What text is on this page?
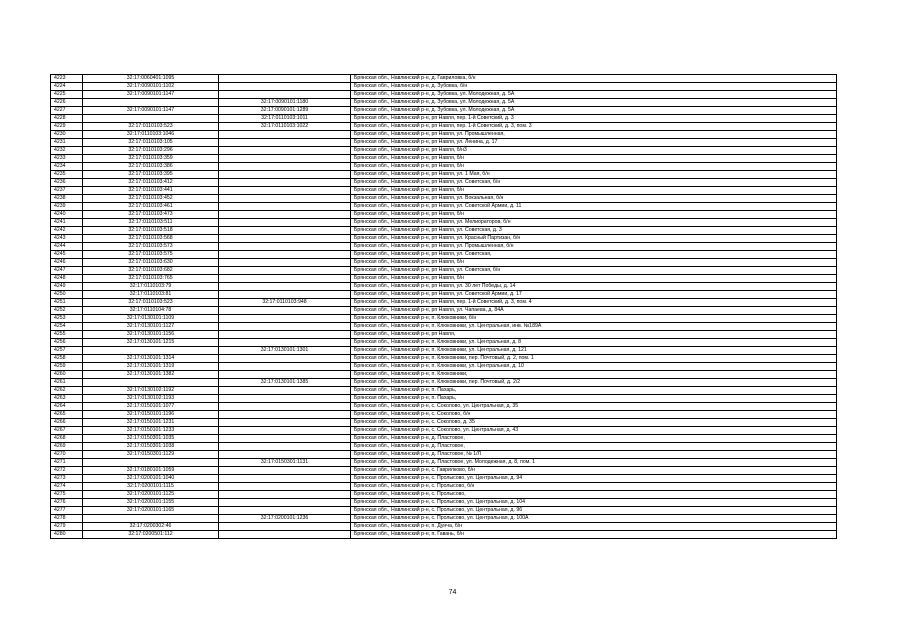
4223	32:17:0060401:1095		Брянская обл., Навлинский р-н, д. Гавриловка, б/н
4224	32:17:0090101:1102		Брянская обл., Навлинский р-н, д. Зубовка, б/н
4225	32:17:0090101:1147		Брянская обл., Навлинский р-н, д. Зубовка, ул. Молодежная, д. 5А
4226		32:17:0090101:1180	Брянская обл., Навлинский р-н, д. Зубовка, ул. Молодежная, д. 5А
4227	32:17:0090101:1147	32:17:0090101:1289	Брянская обл., Навлинский р-н, д. Зубовка, ул. Молодежная, д. 5А
4228		32:17:0110103:1011	Брянская обл., Навлинский р-н, рп Навля, пер. 1-й Советский, д. 3
4229	32:17:0110103:523	32:17:0110103:1022	Брянская обл., Навлинский р-н, рп Навля, пер. 1-й Советский, д. 3, пом. 3
4230	32:17:0110103:1046		Брянская обл., Навлинский р-н, рп Навля, ул. Промышленная,
4231	32:17:0110103:105		Брянская обл., Навлинский р-н, рп Навля, ул. Ленина, д. 17
4232	32:17:0110103:296		Брянская обл., Навлинский р-н, рп Навля, б/н3
4233	32:17:0110103:359		Брянская обл., Навлинский р-н, рп Навля, б/н
4234	32:17:0110103:386		Брянская обл., Навлинский р-н, рп Навля, б/н
4235	32:17:0110103:395		Брянская обл., Навлинский р-н, рп Навля, ул. 1 Мая, б/н
4236	32:17:0110103:412		Брянская обл., Навлинский р-н, рп Навля, ул. Советская, б/н
4237	32:17:0110103:441		Брянская обл., Навлинский р-н, рп Навля, б/н
4238	32:17:0110103:452		Брянская обл., Навлинский р-н, рп Навля, ул. Вокзальная, б/н
4239	32:17:0110103:461		Брянская обл., Навлинский р-н, рп Навля, ул. Советской Армии, д. 11
4240	32:17:0110103:473		Брянская обл., Навлинский р-н, рп Навля, б/н
4241	32:17:0110103:511		Брянская обл., Навлинский р-н, рп Навля, ул. Мелиораторов, б/н
4242	32:17:0110103:518		Брянская обл., Навлинский р-н, рп Навля, ул. Советская, д. 3
4243	32:17:0110103:568		Брянская обл., Навлинский р-н, рп Навля, ул. Красный Партизан, б/н
4244	32:17:0110103:573		Брянская обл., Навлинский р-н, рп Навля, ул. Промышленная, б/н
4245	32:17:0110103:575		Брянская обл., Навлинский р-н, рп Навля, ул. Советская,
4246	32:17:0110103:630		Брянская обл., Навлинский р-н, рп Навля, б/н
4247	32:17:0110103:682		Брянская обл., Навлинский р-н, рп Навля, ул. Советская, б/н
4248	32:17:0110103:765		Брянская обл., Навлинский р-н, рп Навля, б/н
4249	32:17:0110103:79		Брянская обл., Навлинский р-н, рп Навля, ул. 30 лет Победы, д. 14
4250	32:17:0110103:81		Брянская обл., Навлинский р-н, рп Навля, ул. Советской Армии, д. 17
4251	32:17:0110103:523	32:17:0110103:948	Брянская обл., Навлинский р-н, рп Навля, пер. 1-й Советский, д. 3, пом. 4
4252	32:17:0110104:78		Брянская обл., Навлинский р-н, рп Навля, ул. Чапаева, д. 84А
4253	32:17:0130101:1109		Брянская обл., Навлинский р-н, п. Клюковники, б/н
4254	32:17:0130101:1127		Брянская обл., Навлинский р-н, п. Клюковники, ул. Центральная, инв. №189А
4255	32:17:0130101:1156		Брянская обл., Навлинский р-н, рп Навля,
4256	32:17:0130101:1215		Брянская обл., Навлинский р-н, п. Клюковники, ул. Центральная, д. 8
4257		32:17:0130101:1301	Брянская обл., Навлинский р-н, п. Клюковники, ул. Центральная, д. 121
4258	32:17:0130101:1314		Брянская обл., Навлинский р-н, п. Клюковники, пер. Почтовый, д. 2, пом. 1
4259	32:17:0130101:1319		Брянская обл., Навлинский р-н, п. Клюковники, ул. Центральная, д. 10
4260	32:17:0130101:1382		Брянская обл., Навлинский р-н, п. Клюковники,
4261		32:17:0130101:1385	Брянская обл., Навлинский р-н, п. Клюковники, пер. Почтовый, д. 2/2
4262	32:17:0130102:1192		Брянская обл., Навлинский р-н, п. Пахарь,
4263	32:17:0130102:1193		Брянская обл., Навлинский р-н, п. Пахарь,
4264	32:17:0150101:1077		Брянская обл., Навлинский р-н, с. Соколово, ул. Центральная, д. 35
4265	32:17:0150101:1196		Брянская обл., Навлинский р-н, с. Соколово, б/н
4266	32:17:0150101:1231		Брянская обл., Навлинский р-н, с. Соколово, д. 35
4267	32:17:0150101:1233		Брянская обл., Навлинский р-н, с. Соколово, ул. Центральная, д. 43
4268	32:17:0150301:1035		Брянская обл., Навлинский р-н, д. Пластовое,
4269	32:17:0150301:1038		Брянская обл., Навлинский р-н, д. Пластовое,
4270	32:17:0150301:1129		Брянская обл., Навлинский р-н, д. Пластовое, № 1/Л
4271		32:17:0150301:1131	Брянская обл., Навлинский р-н, д. Пластовое, ул. Молодежная, д. 8, пом. 1
4272	32:17:0180101:1059		Брянская обл., Навлинский р-н, с. Гаврилково, б/н
4273	32:17:0200101:1040		Брянская обл., Навлинский р-н, с. Пролысово, ул. Центральная, д. 94
4274	32:17:0200101:1115		Брянская обл., Навлинский р-н, с. Пролысово, б/н
4275	32:17:0200101:1125		Брянская обл., Навлинский р-н, с. Пролысово,
4276	32:17:0200101:1155		Брянская обл., Навлинский р-н, с. Пролысово, ул. Центральная, д. 104
4277	32:17:0200101:1165		Брянская обл., Навлинский р-н, с. Пролысово, ул. Центральная, д. 96
4278		32:17:0200101:1236	Брянская обл., Навлинский р-н, с. Пролысово, ул. Центральная, д. 100А
4279	32:17:0200302:46		Брянская обл., Навлинский р-н, п. Дунча, б/н
4280	32:17:0200501:112		Брянская обл., Навлинский р-н, п. Гавань, б/н
74
